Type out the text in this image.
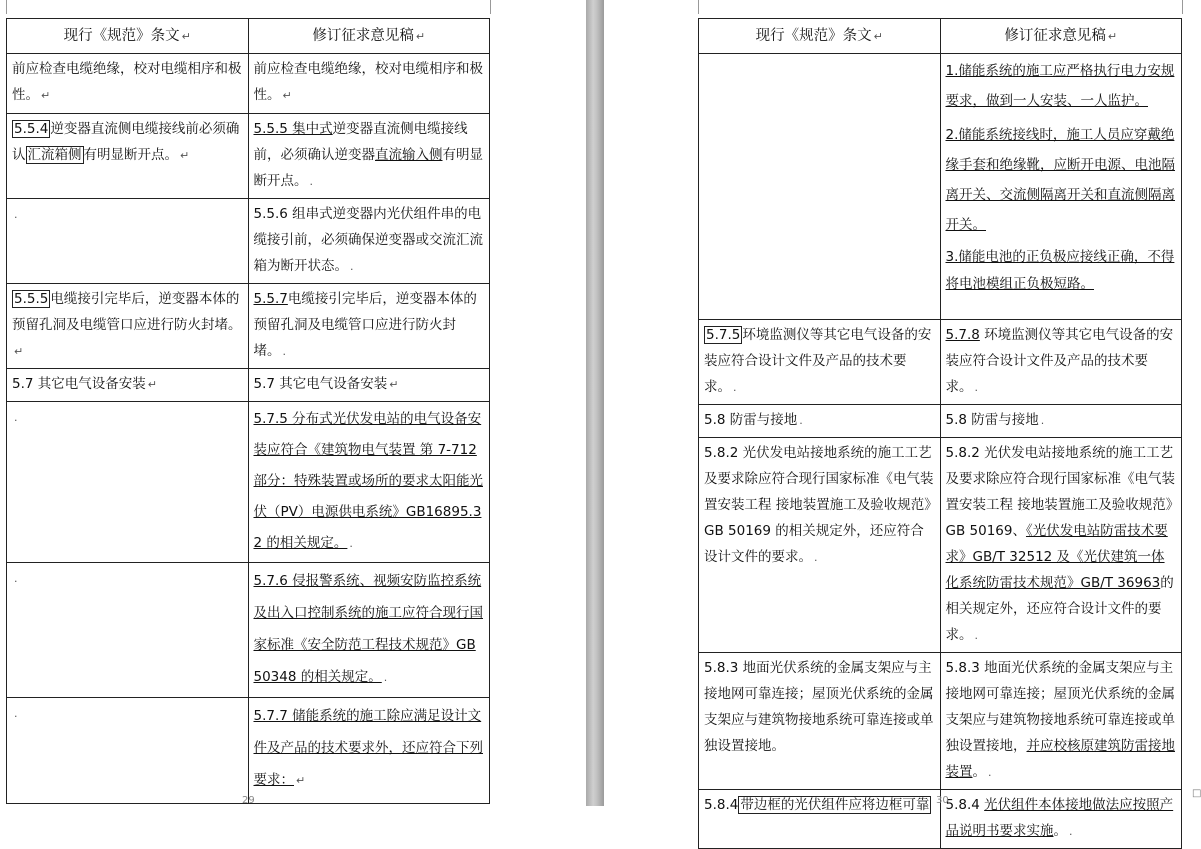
现行《规范》条文 ↵	修订征求意见稿 ↵
前应检查电缆绝缘，校对电缆相序和极性。 ↵	前应检查电缆绝缘，校对电缆相序和极性。 ↵
5.5.4 逆变器直流侧电缆接线前必须确认 汇流箱侧 有明显断开点。 ↵	5.5.5 集中式逆变器直流侧电缆接线前，必须确认逆变器直流输入侧有明显断开点。 .
.	5.5.6 组串式逆变器内光伏组件串的电缆接引前，必须确保逆变器或交流汇流箱为断开状态。 .
5.5.5 电缆接引完毕后，逆变器本体的预留孔洞及电缆管口应进行防火封堵。↵	5.5.7电缆接引完毕后，逆变器本体的预留孔洞及电缆管口应进行防火封堵。 .
5.7 其它电气设备安装 ↵	5.7 其它电气设备安装 ↵
.	5.7.5 分布式光伏发电站的电气设备安装应符合《建筑物电气装置 第 7-712 部分：特殊装置或场所的要求太阳能光伏（PV）电源供电系统》GB16895.32 的相关规定。 .
.	5.7.6 侵报警系统、视频安防监控系统及出入口控制系统的施工应符合现行国家标准《安全防范工程技术规范》GB 50348 的相关规定。 .
.	5.7.7 储能系统的施工除应满足设计文件及产品的技术要求外，还应符合下列要求： ↵
29
现行《规范》条文 ↵	修订征求意见稿 ↵

	1.储能系统的施工应严格执行电力安规要求，做到一人安装、一人监护。
2.储能系统接线时，施工人员应穿戴绝缘手套和绝缘靴，应断开电源、电池隔离开关、交流侧隔离开关和直流侧隔离开关。
3.储能电池的正负极应接线正确，不得将电池模组正负极短路。

5.7.5 环境监测仪等其它电气设备的安装应符合设计文件及产品的技术要求。 .	5.7.8 环境监测仪等其它电气设备的安装应符合设计文件及产品的技术要求。 .
5.8 防雷与接地 .	5.8 防雷与接地 .
5.8.2 光伏发电站接地系统的施工工艺及要求除应符合现行国家标准《电气装置安装工程 接地装置施工及验收规范》GB 50169 的相关规定外，还应符合设计文件的要求。 .	5.8.2 光伏发电站接地系统的施工工艺及要求除应符合现行国家标准《电气装置安装工程 接地装置施工及验收规范》GB 50169、《光伏发电站防雷技术要求》GB/T 32512 及《光伏建筑一体化系统防雷技术规范》GB/T 36963的相关规定外，还应符合设计文件的要求。 .
5.8.3 地面光伏系统的金属支架应与主接地网可靠连接；屋顶光伏系统的金属支架应与建筑物接地系统可靠连接或单独设置接地。	5.8.3 地面光伏系统的金属支架应与主接地网可靠连接；屋顶光伏系统的金属支架应与建筑物接地系统可靠连接或单独设置接地，并应校核原建筑防雷接地装置。 .
5.8.4 带边框的光伏组件应将边框可靠	5.8.4 光伏组件本体接地做法应按照产品说明书要求实施。 .
30
□
